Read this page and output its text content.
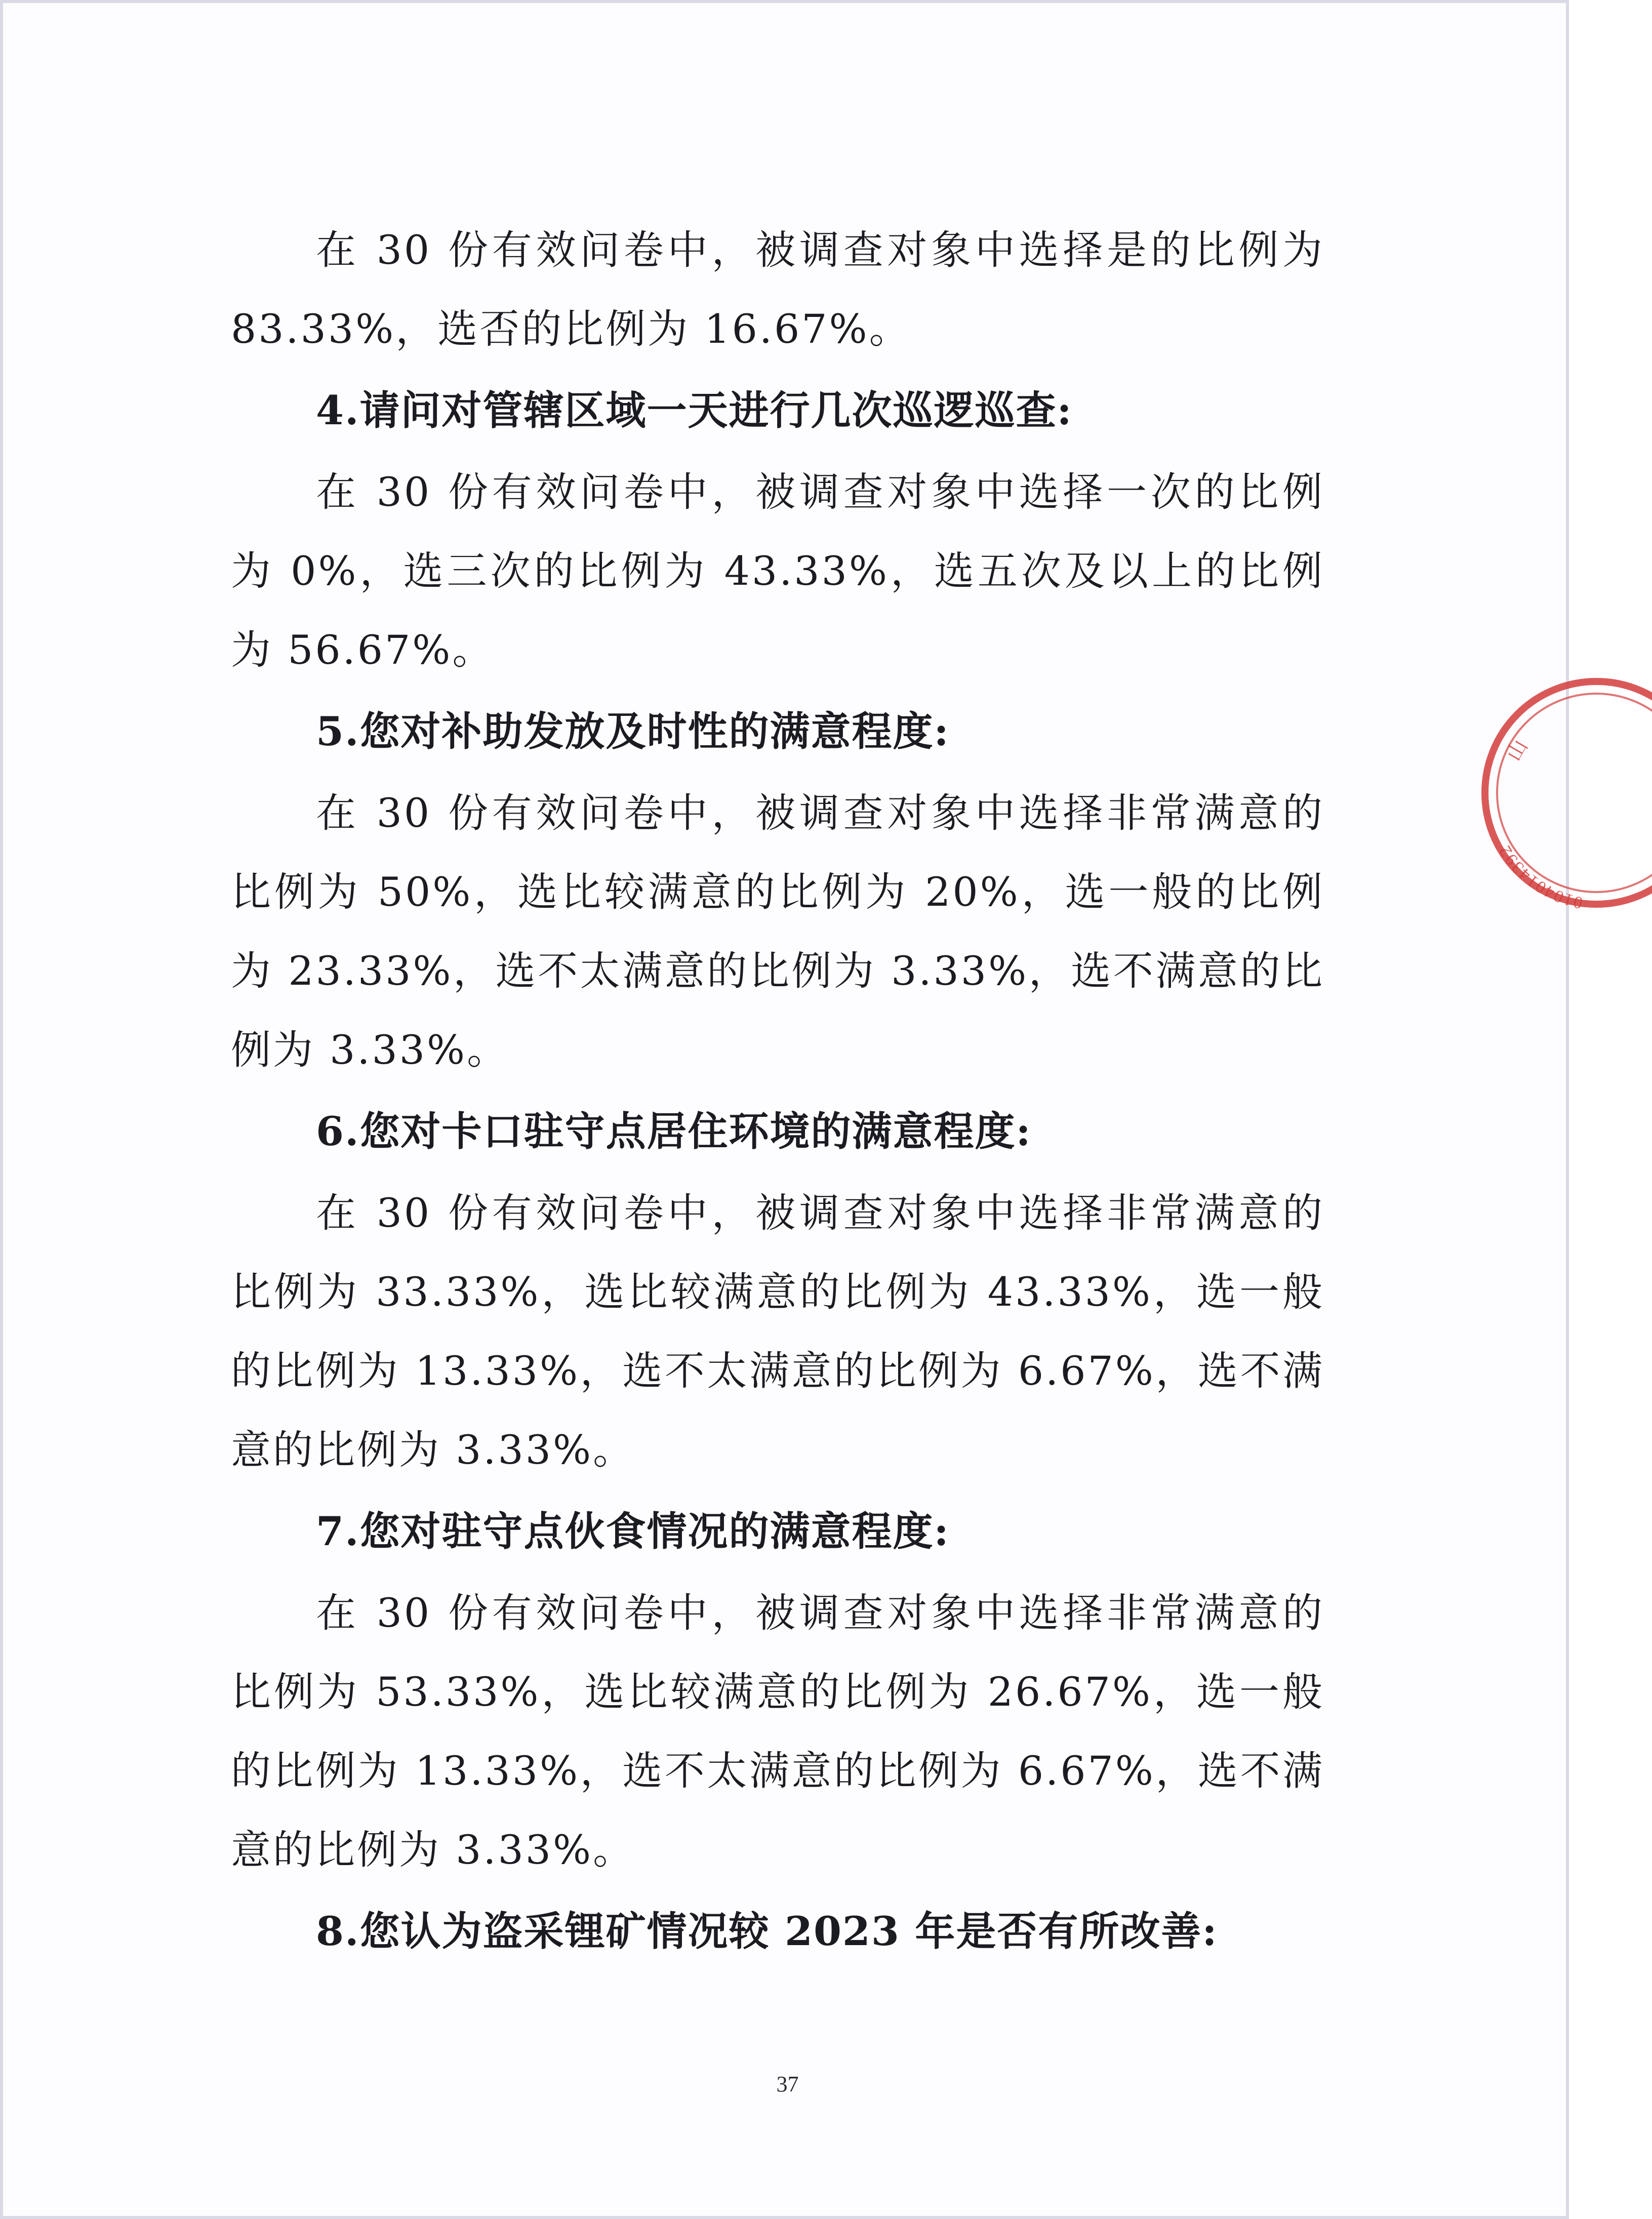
在 30 份有效问卷中，被调查对象中选择是的比例为 83.33%，选否的比例为 16.67%。

4.请问对管辖区域一天进行几次巡逻巡查:

在 30 份有效问卷中，被调查对象中选择一次的比例为 0%，选三次的比例为 43.33%，选五次及以上的比例为 56.67%。

5.您对补助发放及时性的满意程度:

在 30 份有效问卷中，被调查对象中选择非常满意的比例为 50%，选比较满意的比例为 20%，选一般的比例为 23.33%，选不太满意的比例为 3.33%，选不满意的比例为 3.33%。

6.您对卡口驻守点居住环境的满意程度:

在 30 份有效问卷中，被调查对象中选择非常满意的比例为 33.33%，选比较满意的比例为 43.33%，选一般的比例为 13.33%，选不太满意的比例为 6.67%，选不满意的比例为 3.33%。

7.您对驻守点伙食情况的满意程度:

在 30 份有效问卷中，被调查对象中选择非常满意的比例为 53.33%，选比较满意的比例为 26.67%，选一般的比例为 13.33%，选不太满意的比例为 6.67%，选不满意的比例为 3.33%。

8.您认为盗采锂矿情况较 2023 年是否有所改善:

0104014392
山
37
